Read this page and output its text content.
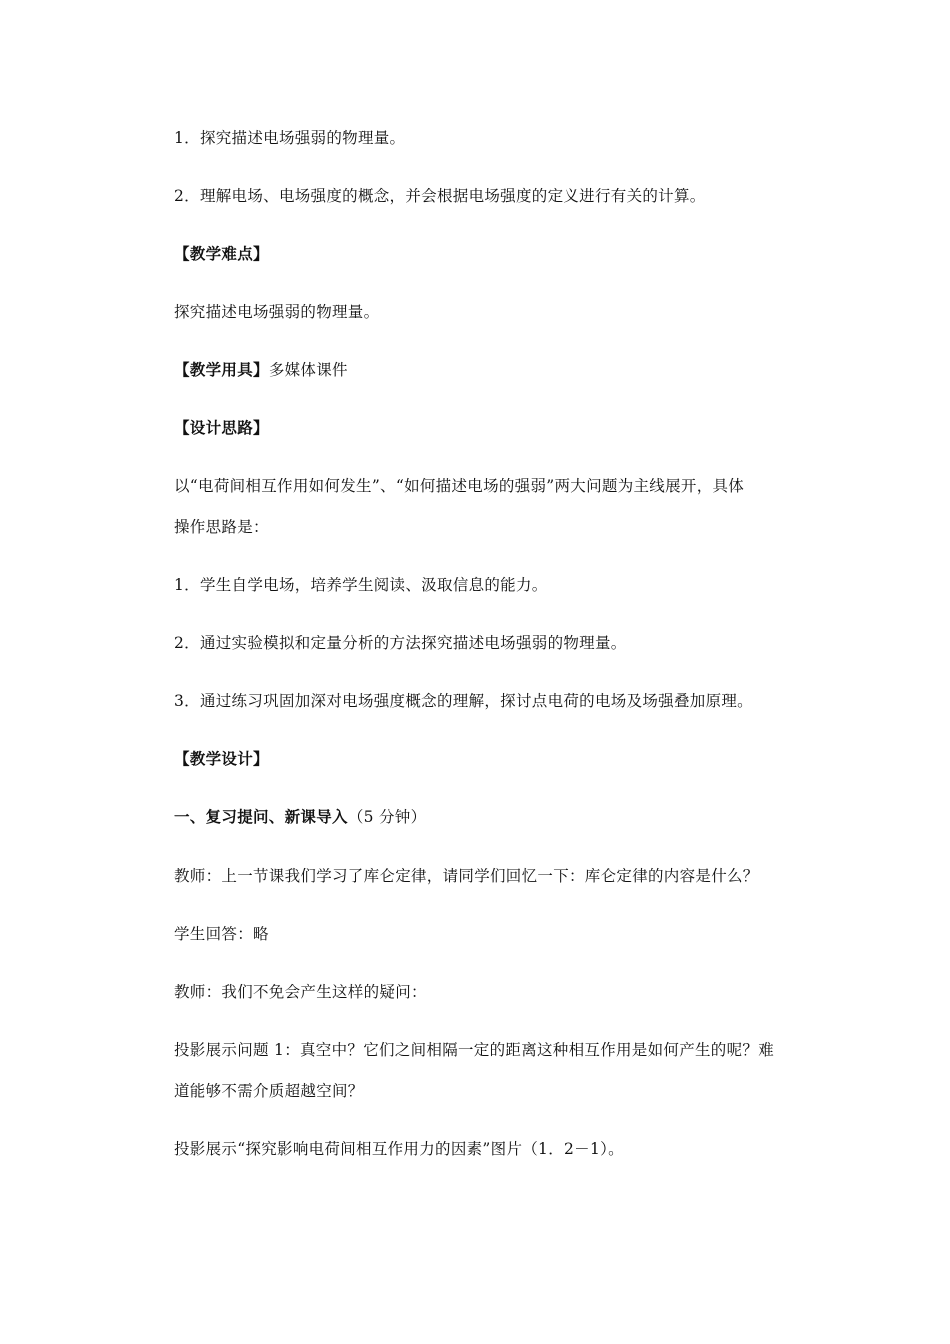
1．探究描述电场强弱的物理量。
2．理解电场、电场强度的概念，并会根据电场强度的定义进行有关的计算。
【教学难点】
探究描述电场强弱的物理量。
【教学用具】多媒体课件
【设计思路】
以“电荷间相互作用如何发生”、“如何描述电场的强弱”两大问题为主线展开，具体
操作思路是：
1．学生自学电场，培养学生阅读、汲取信息的能力。
2．通过实验模拟和定量分析的方法探究描述电场强弱的物理量。
3．通过练习巩固加深对电场强度概念的理解，探讨点电荷的电场及场强叠加原理。
【教学设计】
一、复习提问、新课导入（5 分钟）
教师：上一节课我们学习了库仑定律，请同学们回忆一下：库仑定律的内容是什么？
学生回答：略
教师：我们不免会产生这样的疑问：
投影展示问题 1：真空中？它们之间相隔一定的距离这种相互作用是如何产生的呢？难
道能够不需介质超越空间？
投影展示“探究影响电荷间相互作用力的因素”图片（1．2－1）。
